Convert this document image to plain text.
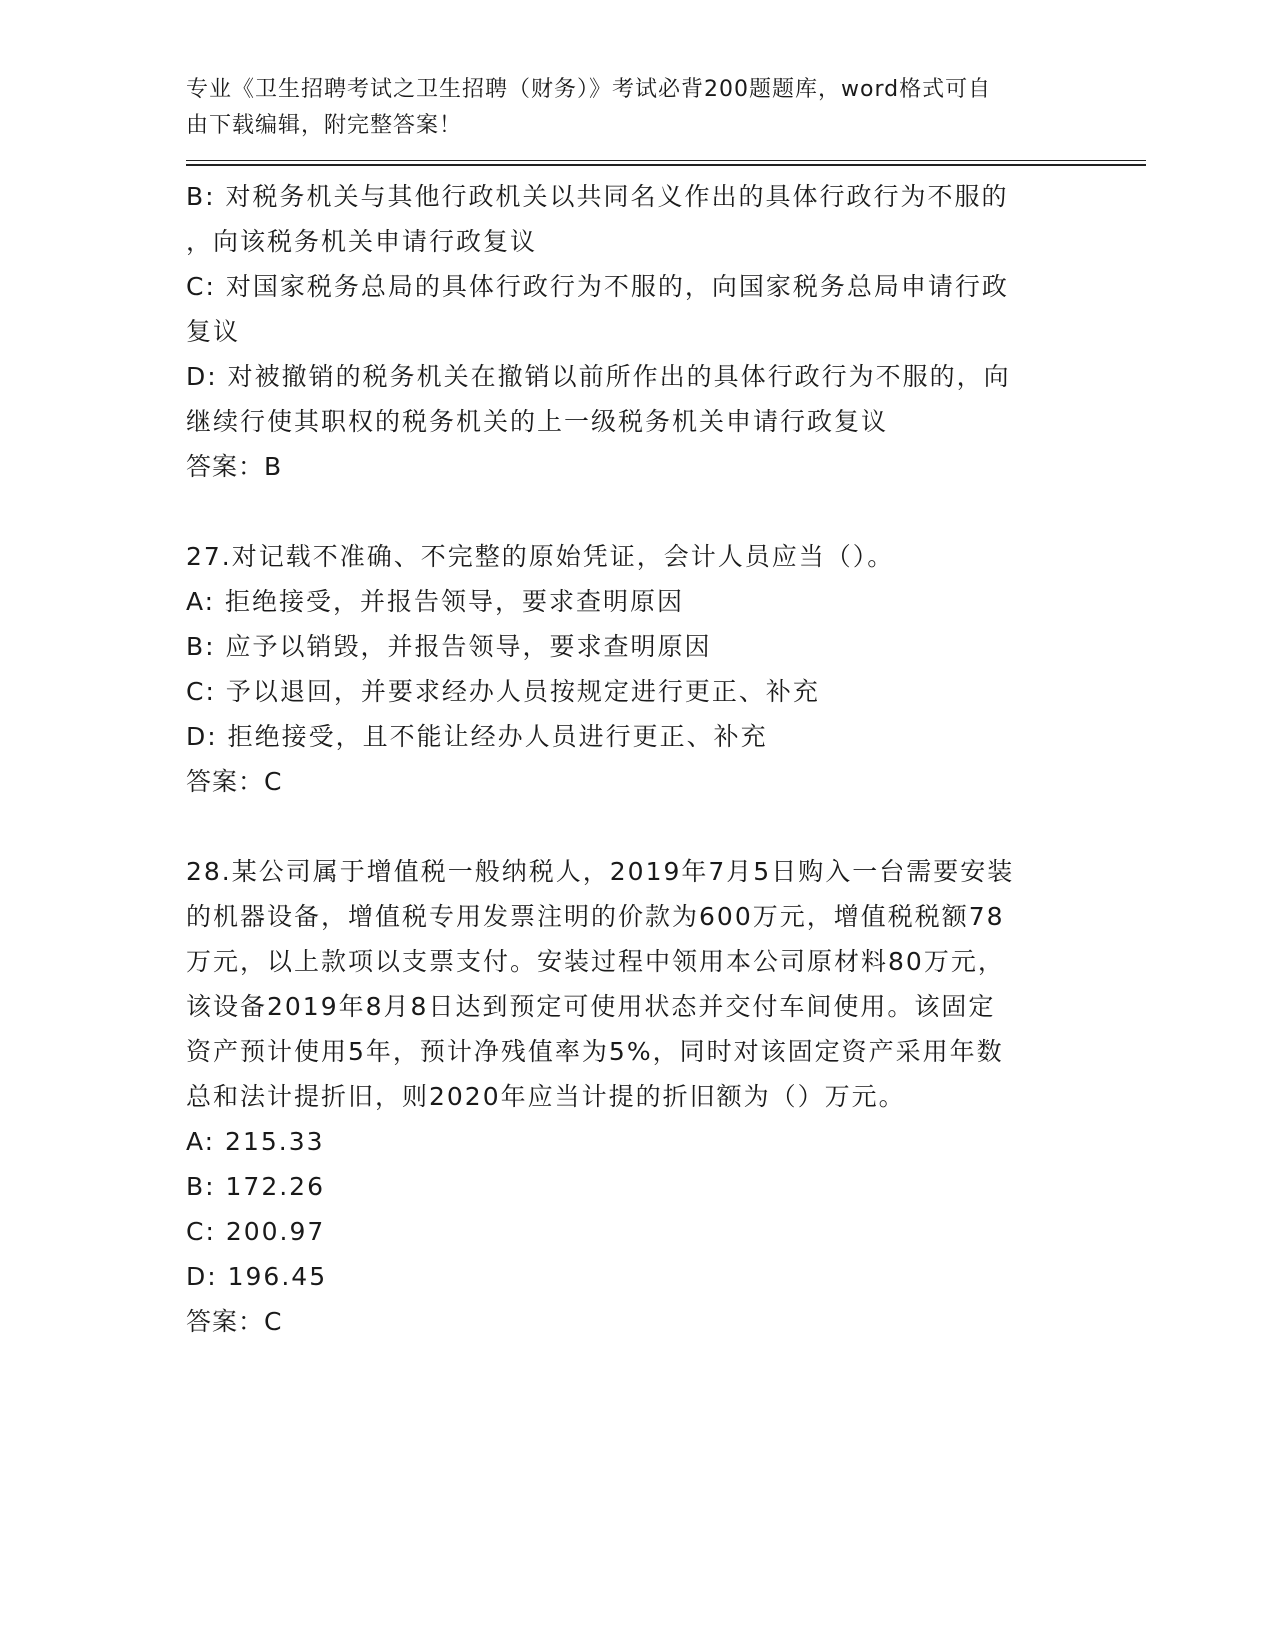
专业《卫生招聘考试之卫生招聘（财务）》考试必背200题题库，word格式可自
由下载编辑，附完整答案！
B: 对税务机关与其他行政机关以共同名义作出的具体行政行为不服的
，向该税务机关申请行政复议
C: 对国家税务总局的具体行政行为不服的，向国家税务总局申请行政
复议
D: 对被撤销的税务机关在撤销以前所作出的具体行政行为不服的，向
继续行使其职权的税务机关的上一级税务机关申请行政复议
答案：B
27.对记载不准确、不完整的原始凭证，会计人员应当（）。
A: 拒绝接受，并报告领导，要求查明原因
B: 应予以销毁，并报告领导，要求查明原因
C: 予以退回，并要求经办人员按规定进行更正、补充
D: 拒绝接受，且不能让经办人员进行更正、补充
答案：C
28.某公司属于增值税一般纳税人，2019年7月5日购入一台需要安装
的机器设备，增值税专用发票注明的价款为600万元，增值税税额78
万元，以上款项以支票支付。安装过程中领用本公司原材料80万元，
该设备2019年8月8日达到预定可使用状态并交付车间使用。该固定
资产预计使用5年，预计净残值率为5%，同时对该固定资产采用年数
总和法计提折旧，则2020年应当计提的折旧额为（）万元。
A: 215.33
B: 172.26
C: 200.97
D: 196.45
答案：C
